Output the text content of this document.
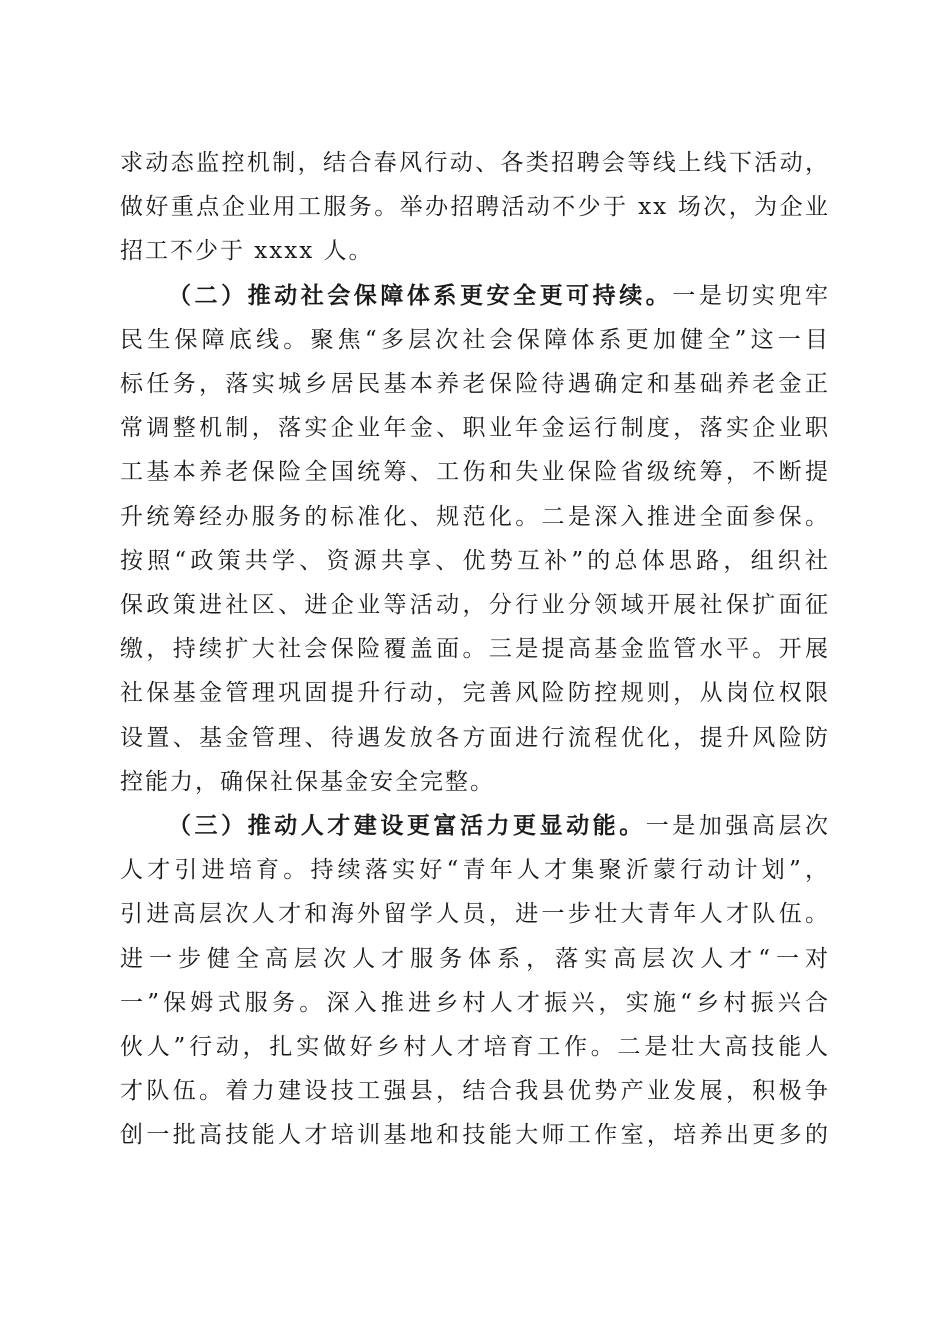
求动态监控机制，结合春风行动、各类招聘会等线上线下活动，
做好重点企业用工服务。举办招聘活动不少于 xx 场次，为企业
招工不少于 xxxx 人。
（二）推动社会保障体系更安全更可持续。一是切实兜牢
民生保障底线。聚焦“多层次社会保障体系更加健全”这一目
标任务，落实城乡居民基本养老保险待遇确定和基础养老金正
常调整机制，落实企业年金、职业年金运行制度，落实企业职
工基本养老保险全国统筹、工伤和失业保险省级统筹，不断提
升统筹经办服务的标准化、规范化。二是深入推进全面参保。
按照“政策共学、资源共享、优势互补”的总体思路，组织社
保政策进社区、进企业等活动，分行业分领域开展社保扩面征
缴，持续扩大社会保险覆盖面。三是提高基金监管水平。开展
社保基金管理巩固提升行动，完善风险防控规则，从岗位权限
设置、基金管理、待遇发放各方面进行流程优化，提升风险防
控能力，确保社保基金安全完整。
（三）推动人才建设更富活力更显动能。一是加强高层次
人才引进培育。持续落实好“青年人才集聚沂蒙行动计划”，
引进高层次人才和海外留学人员，进一步壮大青年人才队伍。
进一步健全高层次人才服务体系，落实高层次人才“一对
一”保姆式服务。深入推进乡村人才振兴，实施“乡村振兴合
伙人”行动，扎实做好乡村人才培育工作。二是壮大高技能人
才队伍。着力建设技工强县，结合我县优势产业发展，积极争
创一批高技能人才培训基地和技能大师工作室，培养出更多的
